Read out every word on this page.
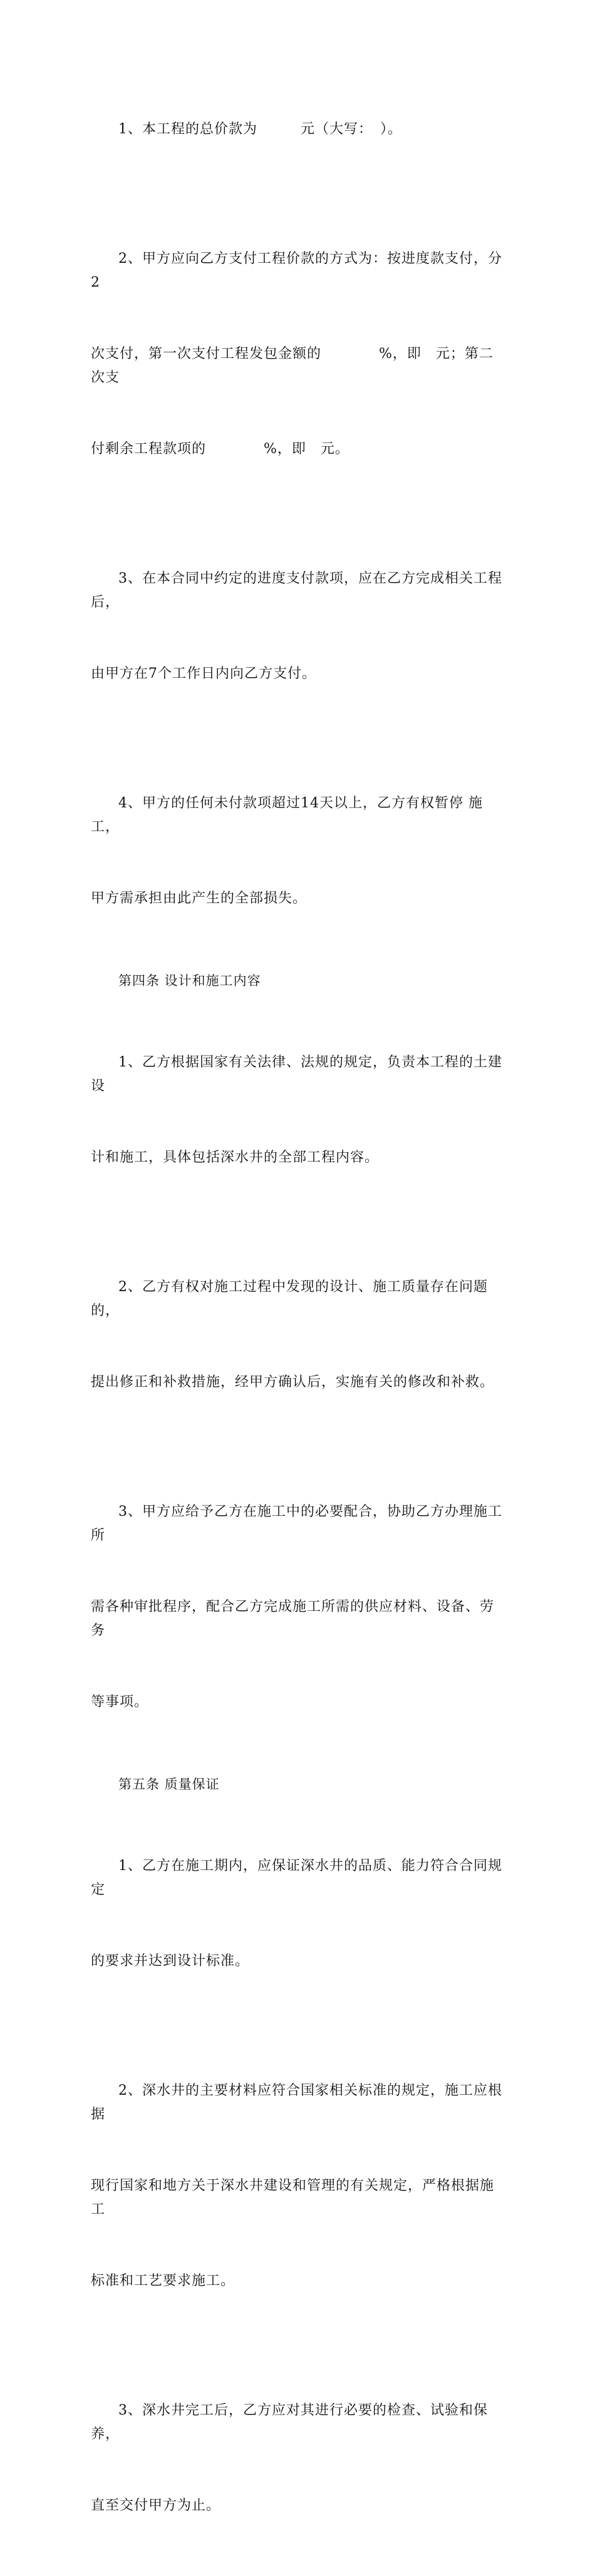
1、本工程的总价款为　　　元（大写：　）。

2、甲方应向乙方支付工程价款的方式为：按进度款支付，分2

次支付，第一次支付工程发包金额的　　　　%，即　元；第二次支

付剩余工程款项的　　　　%，即　元。

3、在本合同中约定的进度支付款项，应在乙方完成相关工程后，

由甲方在7个工作日内向乙方支付。

4、甲方的任何未付款项超过14天以上，乙方有权暂停 施工，

甲方需承担由此产生的全部损失。

第四条 设计和施工内容

1、乙方根据国家有关法律、法规的规定，负责本工程的土建设

计和施工，具体包括深水井的全部工程内容。

2、乙方有权对施工过程中发现的设计、施工质量存在问题的，

提出修正和补救措施，经甲方确认后，实施有关的修改和补救。

3、甲方应给予乙方在施工中的必要配合，协助乙方办理施工所

需各种审批程序，配合乙方完成施工所需的供应材料、设备、劳务

等事项。

第五条 质量保证

1、乙方在施工期内，应保证深水井的品质、能力符合合同规定

的要求并达到设计标准。

2、深水井的主要材料应符合国家相关标准的规定，施工应根据

现行国家和地方关于深水井建设和管理的有关规定，严格根据施工

标准和工艺要求施工。

3、深水井完工后，乙方应对其进行必要的检查、试验和保养，

直至交付甲方为止。
